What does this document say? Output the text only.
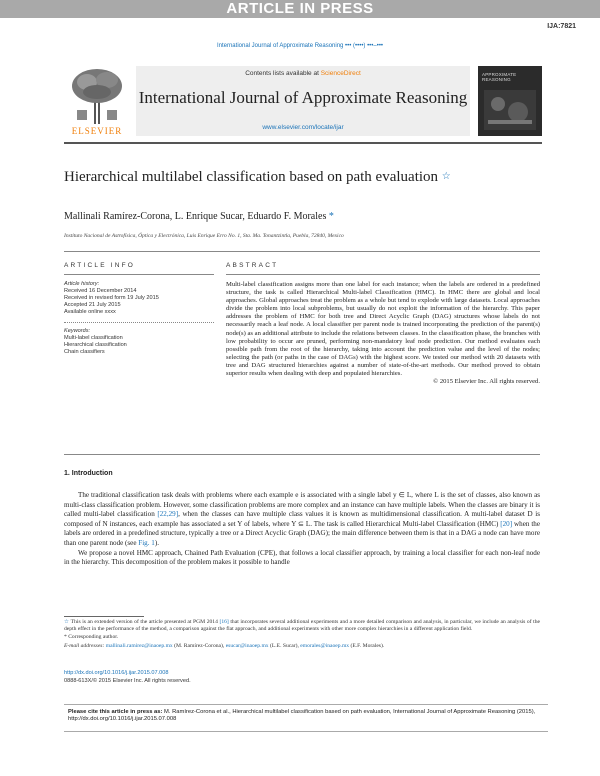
ARTICLE IN PRESS
IJA:7821
International Journal of Approximate Reasoning ••• (••••) •••–•••
ELSEVIER
Contents lists available at ScienceDirect
International Journal of Approximate Reasoning
www.elsevier.com/locate/ijar
APPROXIMATE REASONING
Hierarchical multilabel classification based on path evaluation ☆
Mallinali Ramírez-Corona, L. Enrique Sucar, Eduardo F. Morales *
Instituto Nacional de Astrofísica, Óptica y Electrónica, Luis Enrique Erro No. 1, Sta. Ma. Tonantzintla, Puebla, 72840, Mexico
ARTICLE INFO	ABSTRACT
Article history:
Received 16 December 2014
Received in revised form 19 July 2015
Accepted 21 July 2015
Available online xxxx
Keywords:
Multi-label classification
Hierarchical classification
Chain classifiers
Multi-label classification assigns more than one label for each instance; when the labels are ordered in a predefined structure, the task is called Hierarchical Multi-label Classification (HMC). In HMC there are global and local approaches. Global approaches treat the problem as a whole but tend to explode with large datasets. Local approaches divide the problem into local subproblems, but usually do not exploit the information of the hierarchy. This paper addresses the problem of HMC for both tree and Direct Acyclic Graph (DAG) structures whose labels do not necessarily reach a leaf node. A local classifier per parent node is trained incorporating the prediction of the parent(s) node(s) as an additional attribute to include the relations between classes. In the classification phase, the branches with low probability to occur are pruned, performing non-mandatory leaf node prediction. Our method evaluates each possible path from the root of the hierarchy, taking into account the prediction value and the level of the nodes; selecting the path (or paths in the case of DAGs) with the highest score. We tested our method with 20 datasets with tree and DAG structured hierarchies against a number of state-of-the-art methods. Our method proved to obtain superior results when dealing with deep and populated hierarchies.
© 2015 Elsevier Inc. All rights reserved.
1. Introduction

The traditional classification task deals with problems where each example e is associated with a single label y ∈ L, where L is the set of classes, also known as multi-class classification problem. However, some classification problems are more complex and an instance can have multiple labels. When the classes are binary it is called multi-label classification [22,29], when the classes can have multiple class values it is known as multidimensional classification. A multi-label dataset D is composed of N instances, each example has associated a set Y of labels, where Y ⊆ L. The task is called Hierarchical Multi-label Classification (HMC) [20] when the labels are ordered in a predefined structure, typically a tree or a Direct Acyclic Graph (DAG); the main difference between them is that in a DAG a node can have more than one parent node (see Fig. 1).

We propose a novel HMC approach, Chained Path Evaluation (CPE), that follows a local classifier approach, by training a local classifier for each non-leaf node in the hierarchy. This decomposition of the problem makes it possible to handle

☆ This is an extended version of the article presented at PGM 2014 [16] that incorporates several additional experiments and a more detailed comparison and analysis, in particular, we include an analysis of the depth effect in the performance of the method, a comparison against the flat approach, and additional experiments with other more complex hierarchies in a different application field.
* Corresponding author.
E-mail addresses: mallinali.ramirez@inaoep.mx (M. Ramírez-Corona), esucar@inaoep.mx (L.E. Sucar), emorales@inaoep.mx (E.F. Morales).
http://dx.doi.org/10.1016/j.ijar.2015.07.008
0888-613X/© 2015 Elsevier Inc. All rights reserved.
Please cite this article in press as: M. Ramírez-Corona et al., Hierarchical multilabel classification based on path evaluation, International Journal of Approximate Reasoning (2015), http://dx.doi.org/10.1016/j.ijar.2015.07.008
